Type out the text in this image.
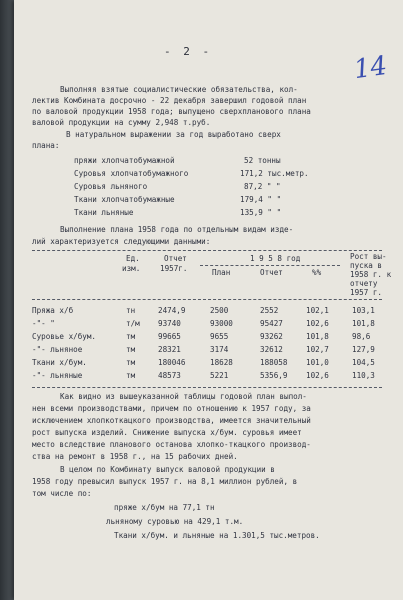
- 2 -	14
Выполняя взятые социалистические обязательства, кол-
лектив Комбината досрочно - 22 декабря завершил годовой план
по валовой продукции 1958 года; выпущено сверхпланового плана
валовой продукции на сумму 2,948 т.руб.
В натуральном выражении за год выработано сверх
плана:
пряжи хлопчатобумажной	52 тонны
Суровья хлопчатобумажного	171,2 тыс.метр.
Суровья льняного	87,2 " "
Ткани хлопчатобумажные	179,4 " "
Ткани льняные	135,9 " "
Выполнение плана 1958 года по отдельным видам изде-
лий характеризуется следующими данными:
Ед.
изм.
Отчет
1957г.
1 9 5 8 год
План	Отчет	%%
Рост вы-
пуска в
1958 г. к
отчету
1957 г.
Пряжа х/б	тн	2474,9	2500	2552	102,1	103,1
-"- "	т/м 93740	93000	95427	102,6	101,8
Суровье х/бум.	тм	99665	9655	93262	101,8	98,6
-"- льняное	тм	28321	3174	32612	102,7	127,9
Ткани х/бум.	тм	180046	18628	188058 101,0	104,5
-"- льняные	тм	48573	5221	5356,9 102,6	110,3
Как видно из вышеуказанной таблицы годовой план выпол-
нен всеми производствами, причем по отношению к 1957 году, за
исключением хлопкоткацкого производства, имеется значительный
рост выпуска изделий. Снижение выпуска х/бум. суровья имеет
место вследствие планового останова хлопко-ткацкого производ-
ства на ремонт в 1958 г., на 15 рабочих дней.
В целом по Комбинату выпуск валовой продукции в
1958 году превысил выпуск 1957 г. на 8,1 миллион рублей, в
том числе по:
пряже х/бум на 77,1 тн
льняному суровью на 429,1 т.м.
Ткани х/бум. и льняные на 1.301,5 тыс.метров.
